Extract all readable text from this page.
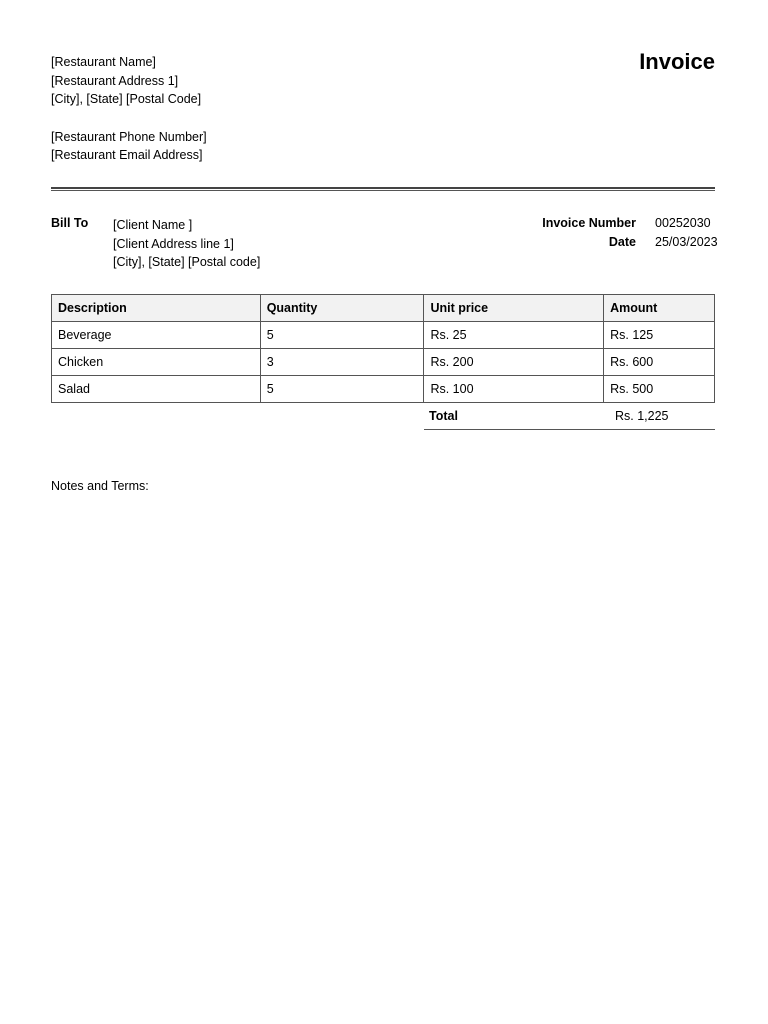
[Restaurant Name]
[Restaurant Address 1]
[City], [State] [Postal Code]
[Restaurant Phone Number]
[Restaurant Email Address]
Invoice
Bill To [Client Name ]
[Client Address line 1]
[City], [State] [Postal code]
Invoice Number	00252030
Date	25/03/2023
Description	Quantity	Unit price	Amount
Beverage	5	Rs. 25	Rs. 125
Chicken	3	Rs. 200	Rs. 600
Salad	5	Rs. 100	Rs. 500
Total	Rs. 1,225
Notes and Terms:
